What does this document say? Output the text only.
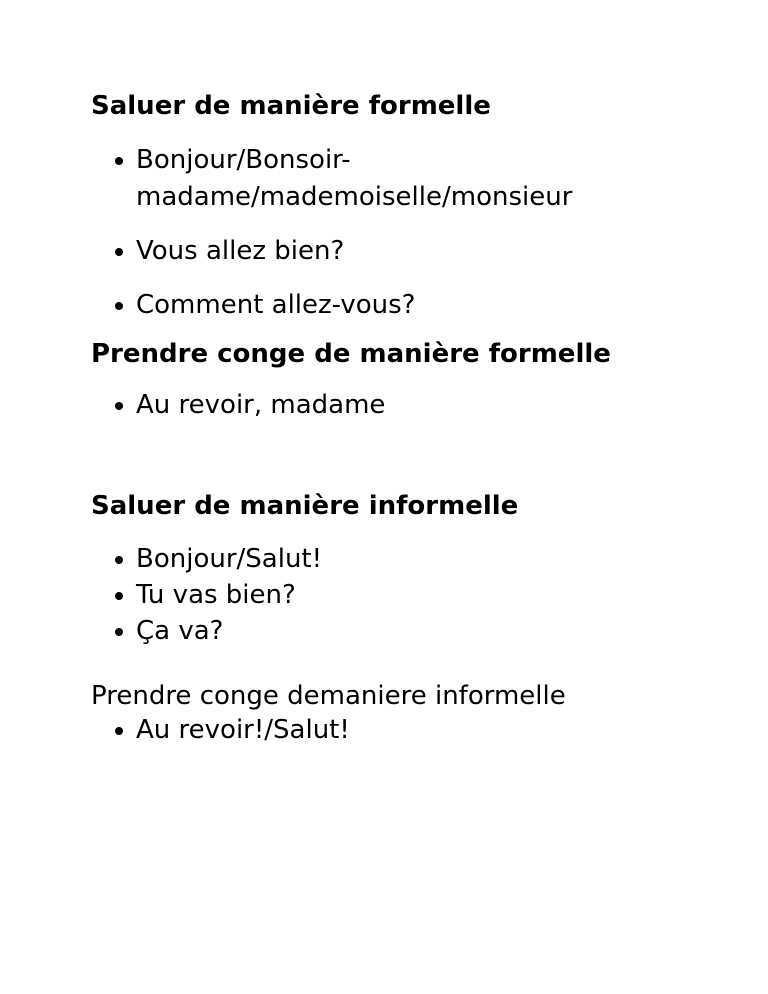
Saluer de manière formelle
Bonjour/Bonsoir-
madame/mademoiselle/monsieur
Vous allez bien?
Comment allez-vous?
Prendre conge de manière formelle
Au revoir, madame
Saluer de manière informelle
Bonjour/Salut!
Tu vas bien?
Ça va?
Prendre conge demaniere informelle
Au revoir!/Salut!
